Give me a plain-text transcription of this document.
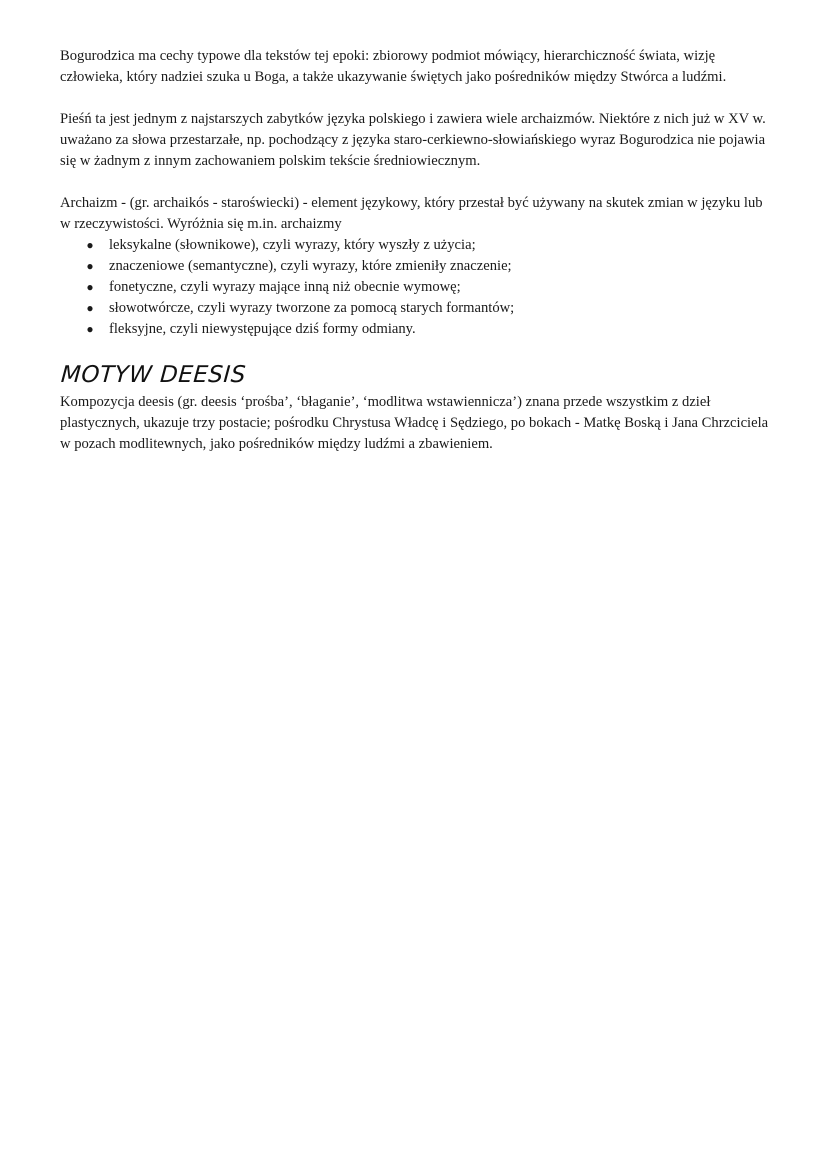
Bogurodzica ma cechy typowe dla tekstów tej epoki: zbiorowy podmiot mówiący, hierarchiczność świata, wizję człowieka, który nadziei szuka u Boga, a także ukazywanie świętych jako pośredników między Stwórca a ludźmi.

Pieśń ta jest jednym z najstarszych zabytków języka polskiego i zawiera wiele archaizmów. Niektóre z nich już w XV w. uważano za słowa przestarzałe, np. pochodzący z języka staro-cerkiewno-słowiańskiego wyraz Bogurodzica nie pojawia się w żadnym z innym zachowaniem polskim tekście średniowiecznym.

Archaizm - (gr. archaikós - staroświecki) - element językowy, który przestał być używany na skutek zmian w języku lub w rzeczywistości. Wyróżnia się m.in. archaizmy

● leksykalne (słownikowe), czyli wyrazy, który wyszły z użycia;
● znaczeniowe (semantyczne), czyli wyrazy, które zmieniły znaczenie;
● fonetyczne, czyli wyrazy mające inną niż obecnie wymowę;
● słowotwórcze, czyli wyrazy tworzone za pomocą starych formantów;
● fleksyjne, czyli niewystępujące dziś formy odmiany.
MOTYW DEESIS

Kompozycja deesis (gr. deesis ‘prośba’, ‘błaganie’, ‘modlitwa wstawiennicza’) znana przede wszystkim z dzieł plastycznych, ukazuje trzy postacie; pośrodku Chrystusa Władcę i Sędziego, po bokach - Matkę Boską i Jana Chrzciciela w pozach modlitewnych, jako pośredników między ludźmi a zbawieniem.
